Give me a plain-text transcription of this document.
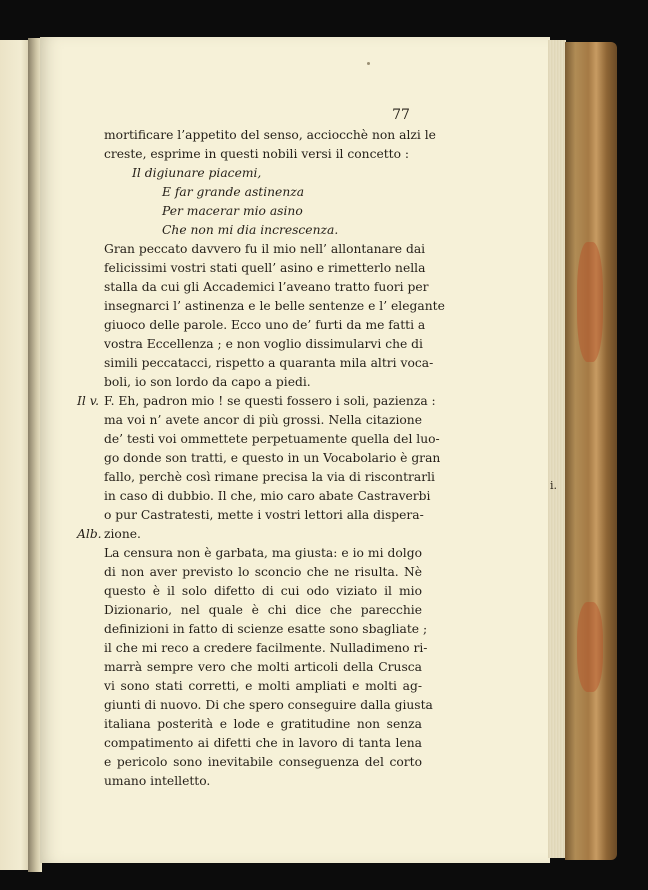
77
mortificare l’appetito del senso, acciocchè non alzi le
creste, esprime in questi nobili versi il concetto :
Il digiunare piacemi,
E far grande astinenza
Per macerar mio asino
Che non mi dia increscenza.
Gran peccato davvero fu il mio nell’ allontanare dai
felicissimi vostri stati quell’ asino e rimetterlo nella
stalla da cui gli Accademici l’aveano tratto fuori per
insegnarci l’ astinenza e le belle sentenze e l’ elegante
giuoco delle parole. Ecco uno de’ furti da me fatti a
vostra Eccellenza ; e non voglio dissimularvi che di
simili peccatacci, rispetto a quaranta mila altri voca-
boli, io son lordo da capo a piedi.
F. Eh, padron mio ! se questi fossero i soli, pazienza :
ma voi n’ avete ancor di più grossi. Nella citazione
de’ testi voi ommettete perpetuamente quella del luo-
go donde son tratti, e questo in un Vocabolario è gran
fallo, perchè così rimane precisa la via di riscontrarli
in caso di dubbio. Il che, mio caro abate Castraverbi
o pur Castratesti, mette i vostri lettori alla dispera-
zione.
La censura non è garbata, ma giusta: e io mi dolgo
di non aver previsto lo sconcio che ne risulta. Nè
questo è il solo difetto di cui odo viziato il mio
Dizionario, nel quale è chi dice che parecchie
definizioni in fatto di scienze esatte sono sbagliate ;
il che mi reco a credere facilmente. Nulladimeno ri-
marrà sempre vero che molti articoli della Crusca
vi sono stati corretti, e molti ampliati e molti ag-
giunti di nuovo. Di che spero conseguire dalla giusta
italiana posterità e lode e gratitudine non senza
compatimento ai difetti che in lavoro di tanta lena
e pericolo sono inevitabile conseguenza del corto
umano intelletto.
Il v.
Alb.
i.
